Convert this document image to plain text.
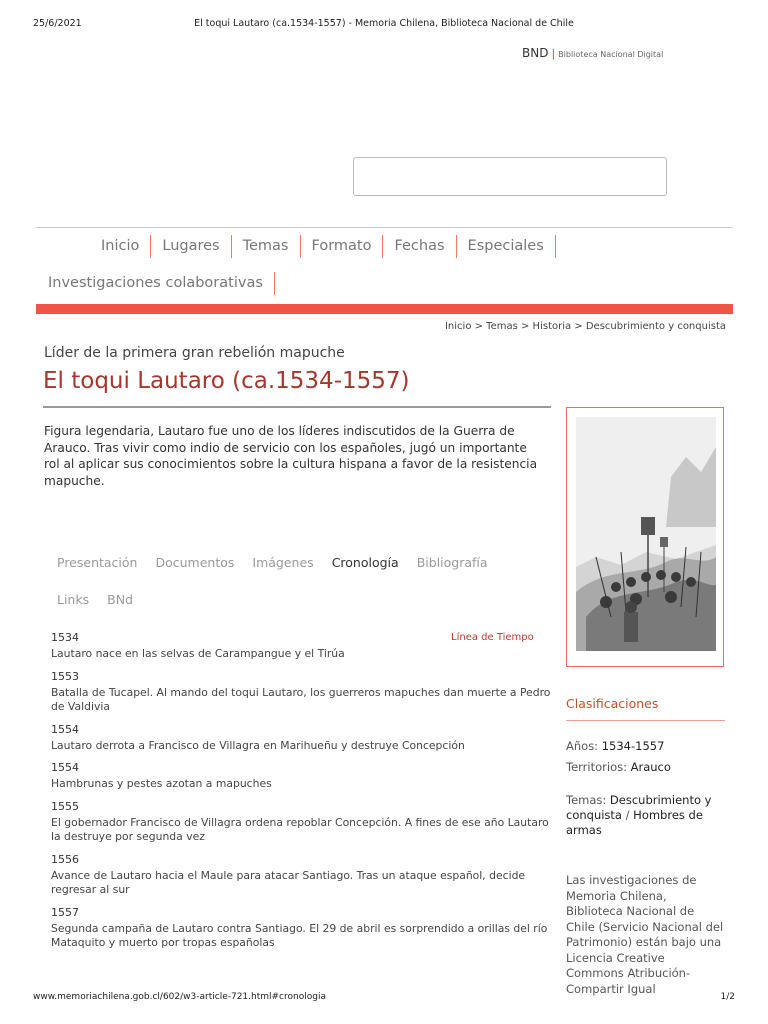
25/6/2021	El toqui Lautaro (ca.1534-1557) - Memoria Chilena, Biblioteca Nacional de Chile
BND | Biblioteca Nacional Digital
Inicio Lugares Temas Formato Fechas Especiales
Investigaciones colaborativas
Inicio > Temas > Historia > Descubrimiento y conquista
Líder de la primera gran rebelión mapuche
El toqui Lautaro (ca.1534-1557)
Figura legendaria, Lautaro fue uno de los líderes indiscutidos de la Guerra de Arauco. Tras vivir como indio de servicio con los españoles, jugó un importante rol al aplicar sus conocimientos sobre la cultura hispana a favor de la resistencia mapuche.
Presentación Documentos Imágenes Cronología Bibliografía
Links BNd
Línea de Tiempo
1534
Lautaro nace en las selvas de Carampangue y el Tirúa
1553
Batalla de Tucapel. Al mando del toqui Lautaro, los guerreros mapuches dan muerte a Pedro de Valdivia
1554
Lautaro derrota a Francisco de Villagra en Marihueñu y destruye Concepción
1554
Hambrunas y pestes azotan a mapuches
1555
El gobernador Francisco de Villagra ordena repoblar Concepción. A fines de ese año Lautaro la destruye por segunda vez
1556
Avance de Lautaro hacia el Maule para atacar Santiago. Tras un ataque español, decide regresar al sur
1557
Segunda campaña de Lautaro contra Santiago. El 29 de abril es sorprendido a orillas del río Mataquito y muerto por tropas españolas
Clasificaciones
Años: 1534-1557
Territorios: Arauco
Temas: Descubrimiento y conquista / Hombres de armas
Las investigaciones de Memoria Chilena, Biblioteca Nacional de Chile (Servicio Nacional del Patrimonio) están bajo una Licencia Creative Commons Atribución-Compartir Igual
www.memoriachilena.gob.cl/602/w3-article-721.html#cronologia	1/2
